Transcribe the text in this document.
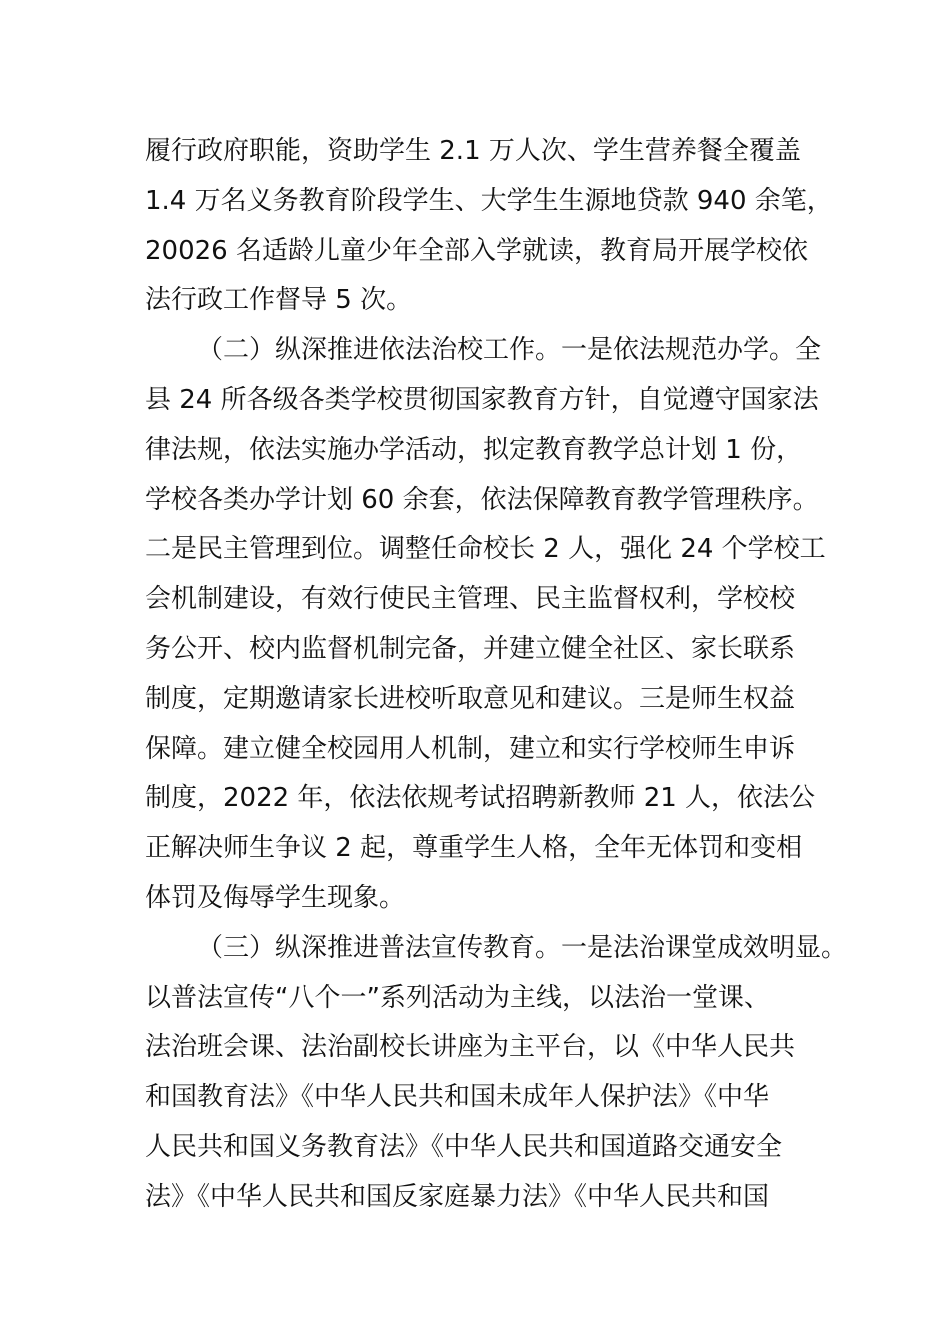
履行政府职能，资助学生 2.1 万人次、学生营养餐全覆盖
1.4 万名义务教育阶段学生、大学生生源地贷款 940 余笔，
20026 名适龄儿童少年全部入学就读，教育局开展学校依
法行政工作督导 5 次。
（二）纵深推进依法治校工作。一是依法规范办学。全
县 24 所各级各类学校贯彻国家教育方针，自觉遵守国家法
律法规，依法实施办学活动，拟定教育教学总计划 1 份，
学校各类办学计划 60 余套，依法保障教育教学管理秩序。
二是民主管理到位。调整任命校长 2 人，强化 24 个学校工
会机制建设，有效行使民主管理、民主监督权利，学校校
务公开、校内监督机制完备，并建立健全社区、家长联系
制度，定期邀请家长进校听取意见和建议。三是师生权益
保障。建立健全校园用人机制，建立和实行学校师生申诉
制度，2022 年，依法依规考试招聘新教师 21 人，依法公
正解决师生争议 2 起，尊重学生人格，全年无体罚和变相
体罚及侮辱学生现象。
（三）纵深推进普法宣传教育。一是法治课堂成效明显。
以普法宣传“八个一”系列活动为主线，以法治一堂课、
法治班会课、法治副校长讲座为主平台，以《中华人民共
和国教育法》《中华人民共和国未成年人保护法》《中华
人民共和国义务教育法》《中华人民共和国道路交通安全
法》《中华人民共和国反家庭暴力法》《中华人民共和国
